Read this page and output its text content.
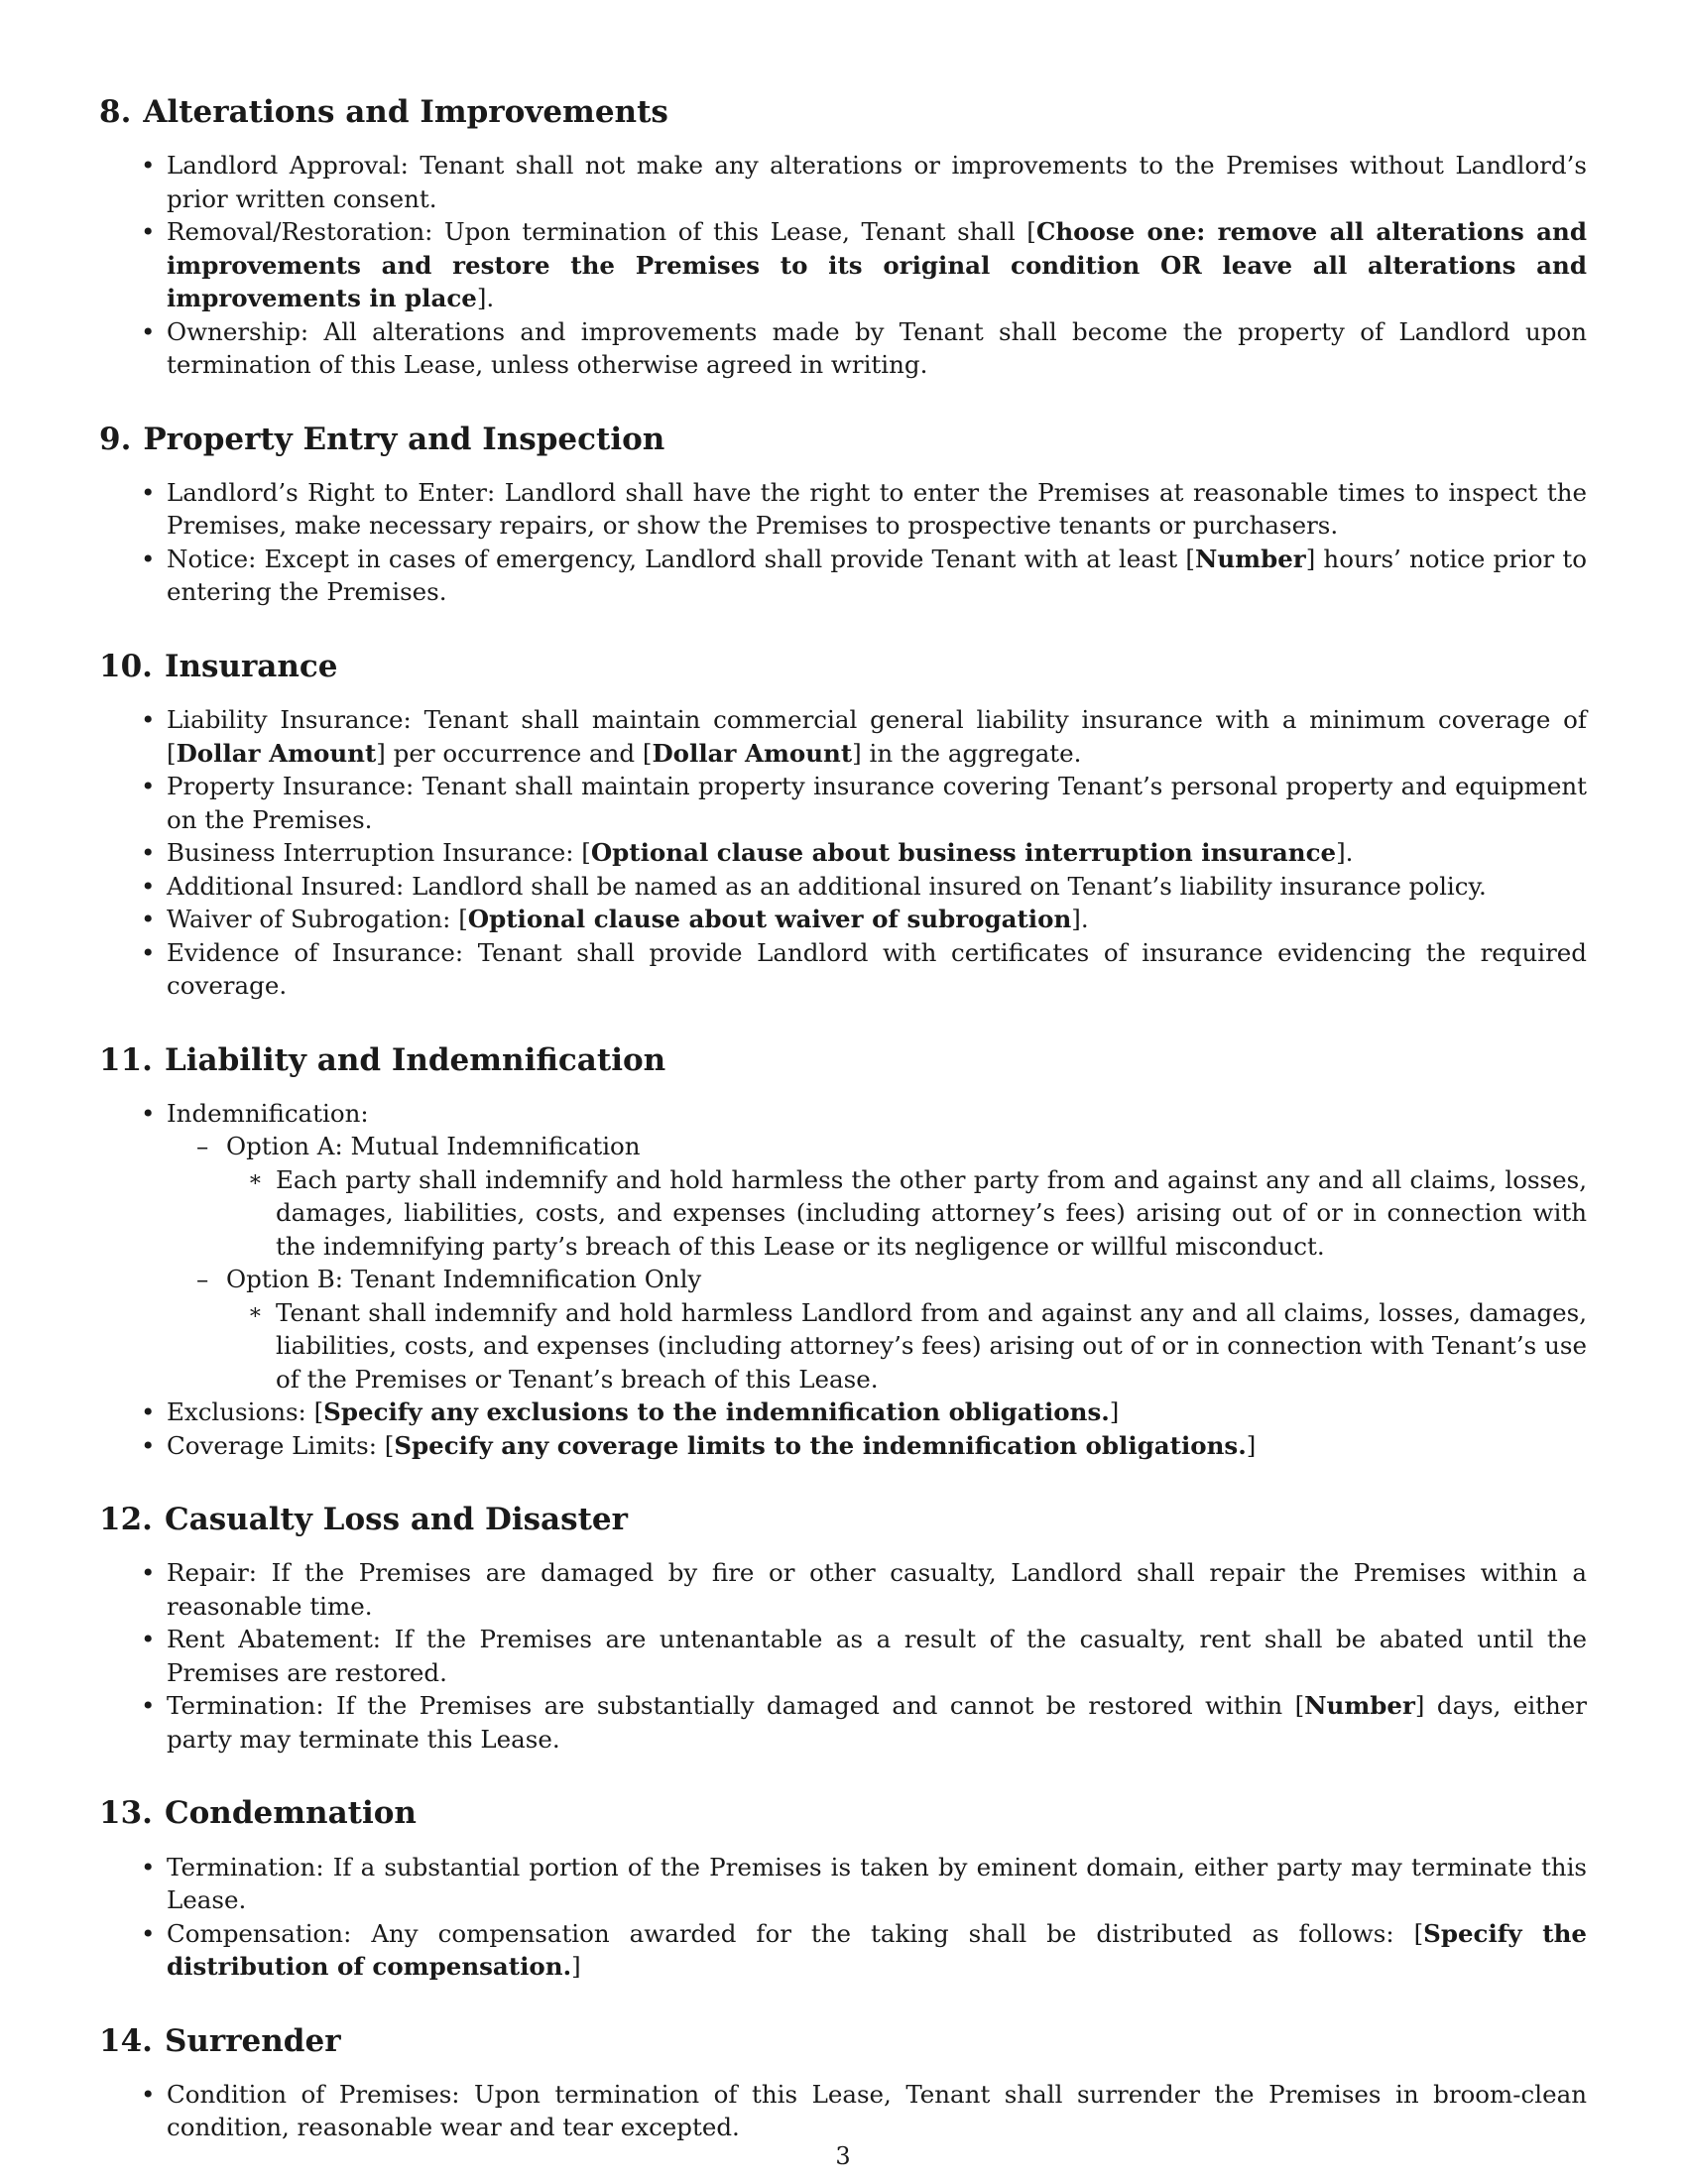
8. Alterations and Improvements
• Landlord Approval: Tenant shall not make any alterations or improvements to the Premises without Landlord’s prior written consent.
• Removal/Restoration: Upon termination of this Lease, Tenant shall [Choose one: remove all alterations and improvements and restore the Premises to its original condition OR leave all alterations and improvements in place].
• Ownership: All alterations and improvements made by Tenant shall become the property of Landlord upon termination of this Lease, unless otherwise agreed in writing.
9. Property Entry and Inspection
• Landlord’s Right to Enter: Landlord shall have the right to enter the Premises at reasonable times to inspect the Premises, make necessary repairs, or show the Premises to prospective tenants or purchasers.
• Notice: Except in cases of emergency, Landlord shall provide Tenant with at least [Number] hours’ notice prior to entering the Premises.
10. Insurance
• Liability Insurance: Tenant shall maintain commercial general liability insurance with a minimum coverage of [Dollar Amount] per occurrence and [Dollar Amount] in the aggregate.
• Property Insurance: Tenant shall maintain property insurance covering Tenant’s personal property and equipment on the Premises.
• Business Interruption Insurance: [Optional clause about business interruption insurance].
• Additional Insured: Landlord shall be named as an additional insured on Tenant’s liability insurance policy.
• Waiver of Subrogation: [Optional clause about waiver of subrogation].
• Evidence of Insurance: Tenant shall provide Landlord with certificates of insurance evidencing the required coverage.
11. Liability and Indemnification
• Indemnification:
– Option A: Mutual Indemnification
∗ Each party shall indemnify and hold harmless the other party from and against any and all claims, losses, damages, liabilities, costs, and expenses (including attorney’s fees) arising out of or in connection with the indemnifying party’s breach of this Lease or its negligence or willful misconduct.
– Option B: Tenant Indemnification Only
∗ Tenant shall indemnify and hold harmless Landlord from and against any and all claims, losses, damages, liabilities, costs, and expenses (including attorney’s fees) arising out of or in connection with Tenant’s use of the Premises or Tenant’s breach of this Lease.
• Exclusions: [Specify any exclusions to the indemnification obligations.]
• Coverage Limits: [Specify any coverage limits to the indemnification obligations.]
12. Casualty Loss and Disaster
• Repair: If the Premises are damaged by fire or other casualty, Landlord shall repair the Premises within a reasonable time.
• Rent Abatement: If the Premises are untenantable as a result of the casualty, rent shall be abated until the Premises are restored.
• Termination: If the Premises are substantially damaged and cannot be restored within [Number] days, either party may terminate this Lease.
13. Condemnation
• Termination: If a substantial portion of the Premises is taken by eminent domain, either party may terminate this Lease.
• Compensation: Any compensation awarded for the taking shall be distributed as follows: [Specify the distribution of compensation.]
14. Surrender
• Condition of Premises: Upon termination of this Lease, Tenant shall surrender the Premises in broom-clean condition, reasonable wear and tear excepted.
3
